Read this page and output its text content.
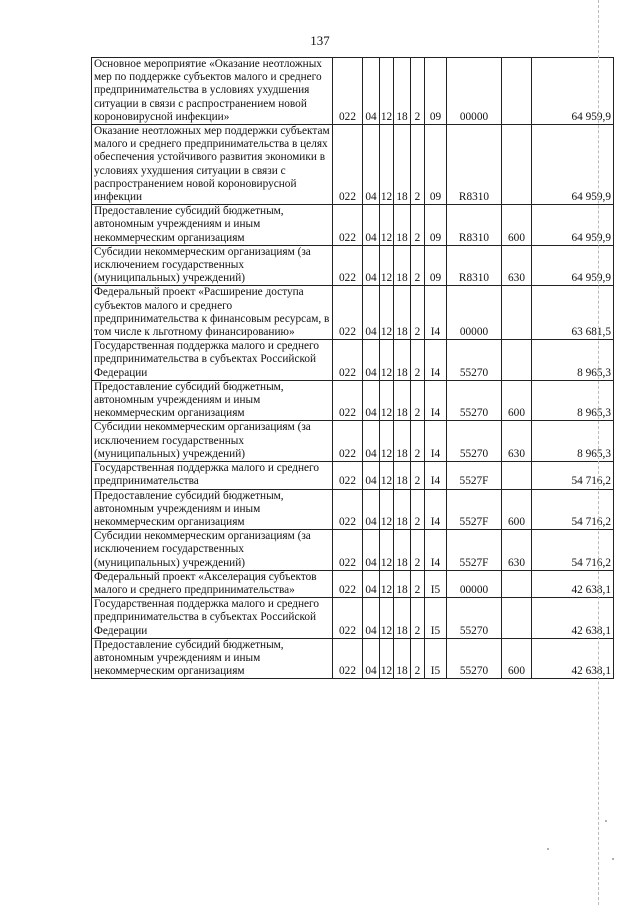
137
Основное мероприятие «Оказание неотложных мер по поддержке субъектов малого и среднего предпринимательства в условиях ухудшения ситуации в связи с распространением новой короновирусной инфекции»	022	04	12	18	2	09	00000		64 959,9
Оказание неотложных мер поддержки субъектам малого и среднего предпринимательства в целях обеспечения устойчивого развития экономики в условиях ухудшения ситуации в связи с распространением новой короновирусной инфекции	022	04	12	18	2	09	R8310		64 959,9
Предоставление субсидий бюджетным, автономным учреждениям и иным некоммерческим организациям	022	04	12	18	2	09	R8310	600	64 959,9
Субсидии некоммерческим организациям (за исключением государственных (муниципальных) учреждений)	022	04	12	18	2	09	R8310	630	64 959,9
Федеральный проект «Расширение доступа субъектов малого и среднего предпринимательства к финансовым ресурсам, в том числе к льготному финансированию»	022	04	12	18	2	I4	00000		63 681,5
Государственная поддержка малого и среднего предпринимательства в субъектах Российской Федерации	022	04	12	18	2	I4	55270		8 965,3
Предоставление субсидий бюджетным, автономным учреждениям и иным некоммерческим организациям	022	04	12	18	2	I4	55270	600	8 965,3
Субсидии некоммерческим организациям (за исключением государственных (муниципальных) учреждений)	022	04	12	18	2	I4	55270	630	8 965,3
Государственная поддержка малого и среднего предпринимательства	022	04	12	18	2	I4	5527F		54 716,2
Предоставление субсидий бюджетным, автономным учреждениям и иным некоммерческим организациям	022	04	12	18	2	I4	5527F	600	54 716,2
Субсидии некоммерческим организациям (за исключением государственных (муниципальных) учреждений)	022	04	12	18	2	I4	5527F	630	54 716,2
Федеральный проект «Акселерация субъектов малого и среднего предпринимательства»	022	04	12	18	2	I5	00000		42 638,1
Государственная поддержка малого и среднего предпринимательства в субъектах Российской Федерации	022	04	12	18	2	I5	55270		42 638,1
Предоставление субсидий бюджетным, автономным учреждениям и иным некоммерческим организациям	022	04	12	18	2	I5	55270	600	42 638,1
